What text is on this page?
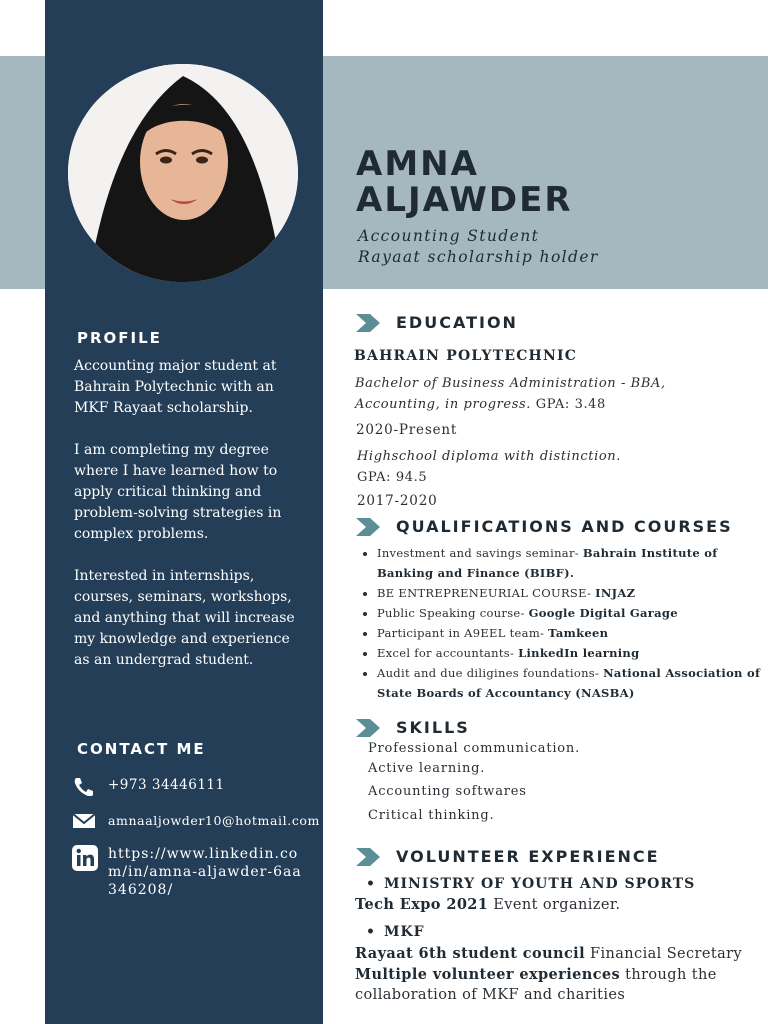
AMNA
ALJAWDER
Accounting Student
Rayaat scholarship holder
PROFILE

Accounting major student at
Bahrain Polytechnic with an
MKF Rayaat scholarship.

I am completing my degree
where I have learned how to
apply critical thinking and
problem-solving strategies in
complex problems.

Interested in internships,
courses, seminars, workshops,
and anything that will increase
my knowledge and experience
as an undergrad student.

CONTACT ME
+973 34446111
amnaaljowder10@hotmail.com
https://www.linkedin.com/in/amna-aljawder-6aa346208/
EDUCATION
BAHRAIN POLYTECHNIC
Bachelor of Business Administration - BBA, Accounting, in progress. GPA: 3.48
2020-Present
Highschool diploma with distinction.
GPA: 94.5
2017-2020
QUALIFICATIONS AND COURSES
• Investment and savings seminar- Bahrain Institute of Banking and Finance (BIBF).
• BE ENTREPRENEURIAL COURSE- INJAZ
• Public Speaking course- Google Digital Garage
• Participant in A9EEL team- Tamkeen
• Excel for accountants- LinkedIn learning
• Audit and due diligines foundations- National Association of State Boards of Accountancy (NASBA)
SKILLS
Professional communication.
Active learning.
Accounting softwares
Critical thinking.
VOLUNTEER EXPERIENCE
• MINISTRY OF YOUTH AND SPORTS
Tech Expo 2021 Event organizer.
• MKF
Rayaat 6th student council Financial Secretary
Multiple volunteer experiences through the
collaboration of MKF and charities
